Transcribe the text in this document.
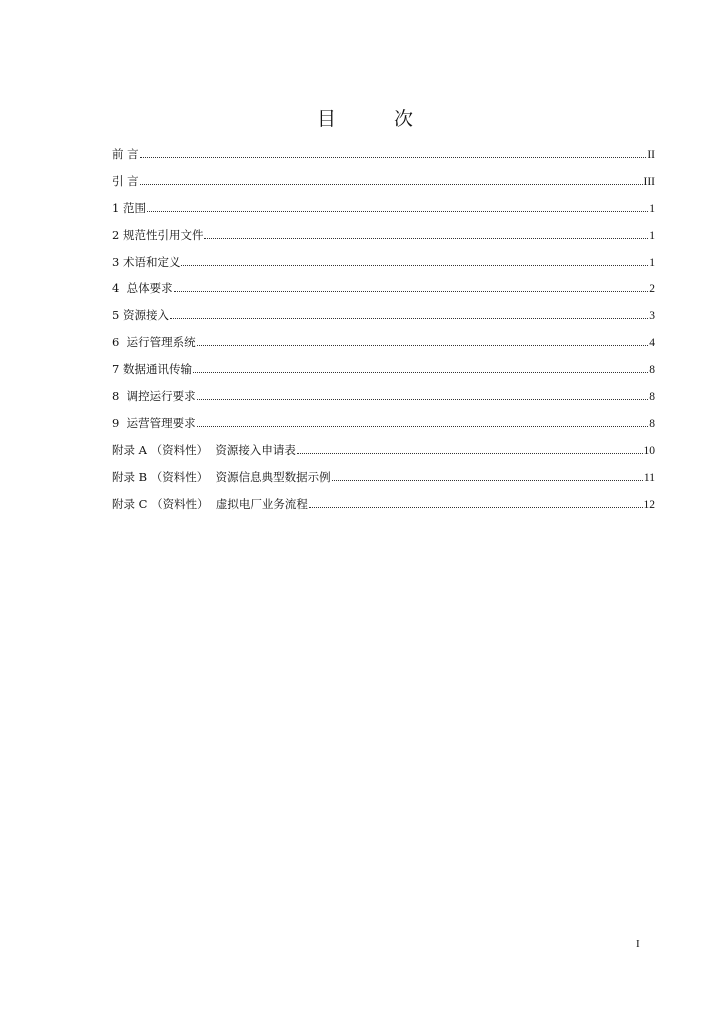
目 次
前 言	II
引 言	III
1 范围	1
2 规范性引用文件	1
3 术语和定义	1
4  总体要求	2
5 资源接入	3
6  运行管理系统	4
7 数据通讯传输	8
8  调控运行要求	8
9  运营管理要求	8
附录 A （资料性）  资源接入申请表	10
附录 B （资料性）  资源信息典型数据示例	11
附录 C （资料性）  虚拟电厂业务流程	12
I
